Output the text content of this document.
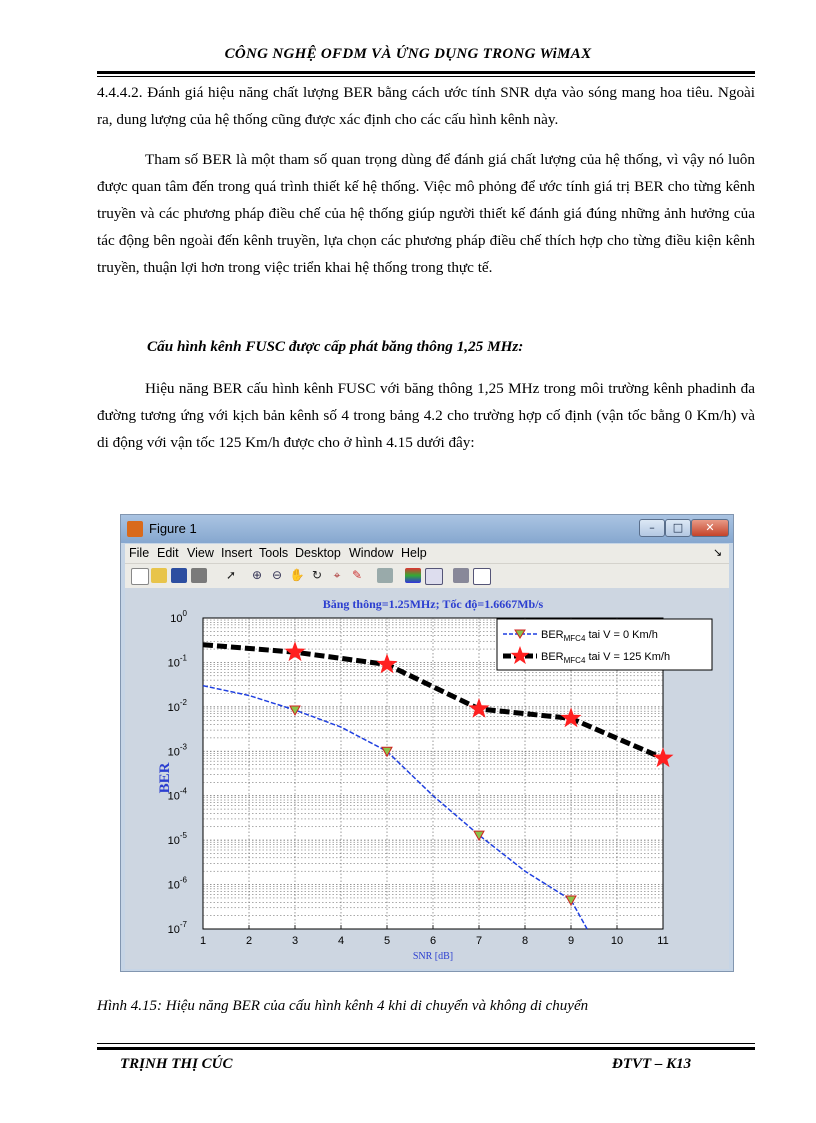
CÔNG NGHỆ OFDM VÀ ỨNG DỤNG TRONG WiMAX
4.4.4.2. Đánh giá hiệu năng chất lượng BER bằng cách ước tính SNR dựa vào sóng mang hoa tiêu. Ngoài ra, dung lượng của hệ thống cũng được xác định cho các cấu hình kênh này.
Tham số BER là một tham số quan trọng dùng để đánh giá chất lượng của hệ thống, vì vậy nó luôn được quan tâm đến trong quá trình thiết kế hệ thống. Việc mô phỏng để ước tính giá trị BER cho từng kênh truyền và các phương pháp điều chế của hệ thống giúp người thiết kế đánh giá đúng những ảnh hưởng của tác động bên ngoài đến kênh truyền, lựa chọn các phương pháp điều chế thích hợp cho từng điều kiện kênh truyền, thuận lợi hơn trong việc triển khai hệ thống trong thực tế.
Cấu hình kênh FUSC được cấp phát băng thông 1,25 MHz:
Hiệu năng BER cấu hình kênh FUSC với băng thông 1,25 MHz trong môi trường kênh phadinh đa đường tương ứng với kịch bản kênh số 4 trong bảng 4.2 cho trường hợp cố định (vận tốc bằng 0 Km/h) và di động với vận tốc 125 Km/h được cho ở hình 4.15 dưới đây:
Figure 1	–	□	✕
File Edit View Insert Tools Desktop Window Help	↘
➚ ⊕ ⊖ ✋ ↻ ⌖ ✎
1	2	3	4	5	6	7	8	9	10	11
$10^0$
$10^{-1}$
$10^{-2}$
$10^{-3}$
$10^{-4}$
$10^{-5}$
$10^{-6}$
$10^{-7}$
Băng thông=1.25MHz; Tốc độ=1.6667Mb/s
SNR [dB]
BER
$BER_{MFC4}$ tai V = 0 Km/h
$BER_{MFC4}$ tai V = 125 Km/h
Hình 4.15: Hiệu năng BER của cấu hình kênh 4 khi di chuyển và không di chuyển
TRỊNH THỊ CÚC	ĐTVT – K13
